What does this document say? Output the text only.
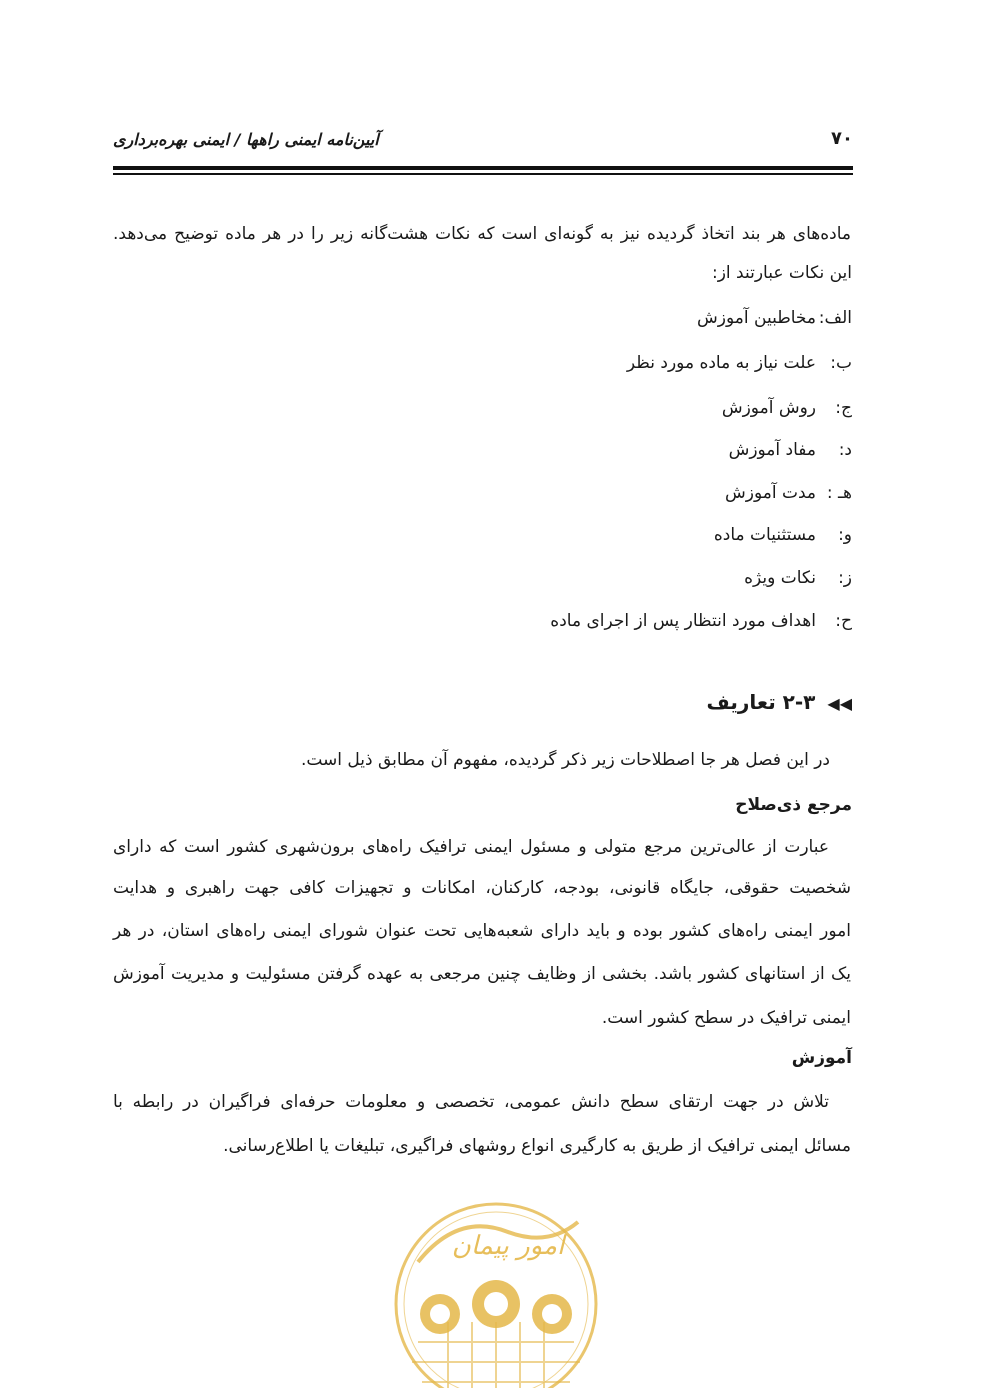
۷۰
آیین‌نامه ایمنی راهها / ایمنی بهره‌برداری
ماده‌های هر بند اتخاذ گردیده نیز به گونه‌ای است که نکات هشت‌گانه زیر را در هر ماده توضیح می‌دهد.
این نکات عبارتند از:
الف:
مخاطبین آموزش
ب:
علت نیاز به ماده مورد نظر
ج:
روش آموزش
د:
مفاد آموزش
هـ :
مدت آموزش
و:
مستثنیات ماده
ز:
نکات ویژه
ح:
اهداف مورد انتظار پس از اجرای ماده
◀◀۲-۳ تعاریف
در این فصل هر جا اصطلاحات زیر ذکر گردیده، مفهوم آن مطابق ذیل است.
مرجع ذی‌صلاح
عبارت از عالی‌ترین مرجع متولی و مسئول ایمنی ترافیک راه‌های برون‌شهری کشور است که دارای
شخصیت حقوقی، جایگاه قانونی، بودجه، کارکنان، امکانات و تجهیزات کافی جهت راهبری و هدایت
امور ایمنی راه‌های کشور بوده و باید دارای شعبه‌هایی تحت عنوان شورای ایمنی راه‌های استان، در هر
یک از استانهای کشور باشد. بخشی از وظایف چنین مرجعی به عهده گرفتن مسئولیت و مدیریت آموزش
ایمنی ترافیک در سطح کشور است.
آموزش
تلاش در جهت ارتقای سطح دانش عمومی، تخصصی و معلومات حرفه‌ای فراگیران در رابطه با
مسائل ایمنی ترافیک از طریق به کارگیری انواع روشهای فراگیری، تبلیغات یا اطلاع‌رسانی.
امور پیمان
